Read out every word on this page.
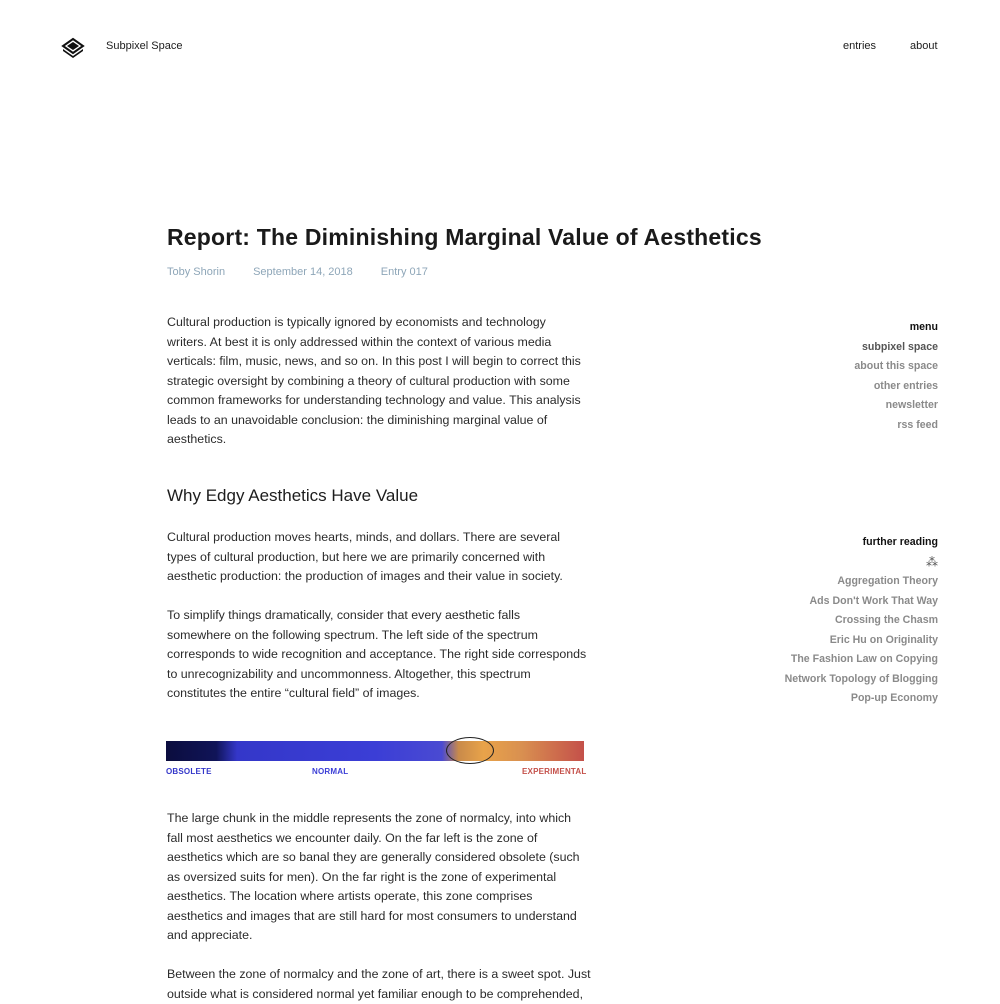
Subpixel Space	entries	about
Report: The Diminishing Marginal Value of Aesthetics
Toby Shorin	September 14, 2018	Entry 017

Cultural production is typically ignored by economists and technology writers. At best it is only addressed within the context of various media verticals: film, music, news, and so on. In this post I will begin to correct this strategic oversight by combining a theory of cultural production with some common frameworks for understanding technology and value. This analysis leads to an unavoidable conclusion: the diminishing marginal value of aesthetics.

Why Edgy Aesthetics Have Value

Cultural production moves hearts, minds, and dollars. There are several types of cultural production, but here we are primarily concerned with aesthetic production: the production of images and their value in society.

To simplify things dramatically, consider that every aesthetic falls somewhere on the following spectrum. The left side of the spectrum corresponds to wide recognition and acceptance. The right side corresponds to unrecognizability and uncommonness. Altogether, this spectrum constitutes the entire “cultural field” of images.

OBSOLETE	NORMAL	EXPERIMENTAL

The large chunk in the middle represents the zone of normalcy, into which fall most aesthetics we encounter daily. On the far left is the zone of aesthetics which are so banal they are generally considered obsolete (such as oversized suits for men). On the far right is the zone of experimental aesthetics. The location where artists operate, this zone comprises aesthetics and images that are still hard for most consumers to understand and appreciate.

Between the zone of normalcy and the zone of art, there is a sweet spot. Just outside what is considered normal yet familiar enough to be comprehended,

menu
subpixel space
about this space
other entries
newsletter
rss feed
further reading
⁂
Aggregation Theory
Ads Don't Work That Way
Crossing the Chasm
Eric Hu on Originality
The Fashion Law on Copying
Network Topology of Blogging
Pop-up Economy
